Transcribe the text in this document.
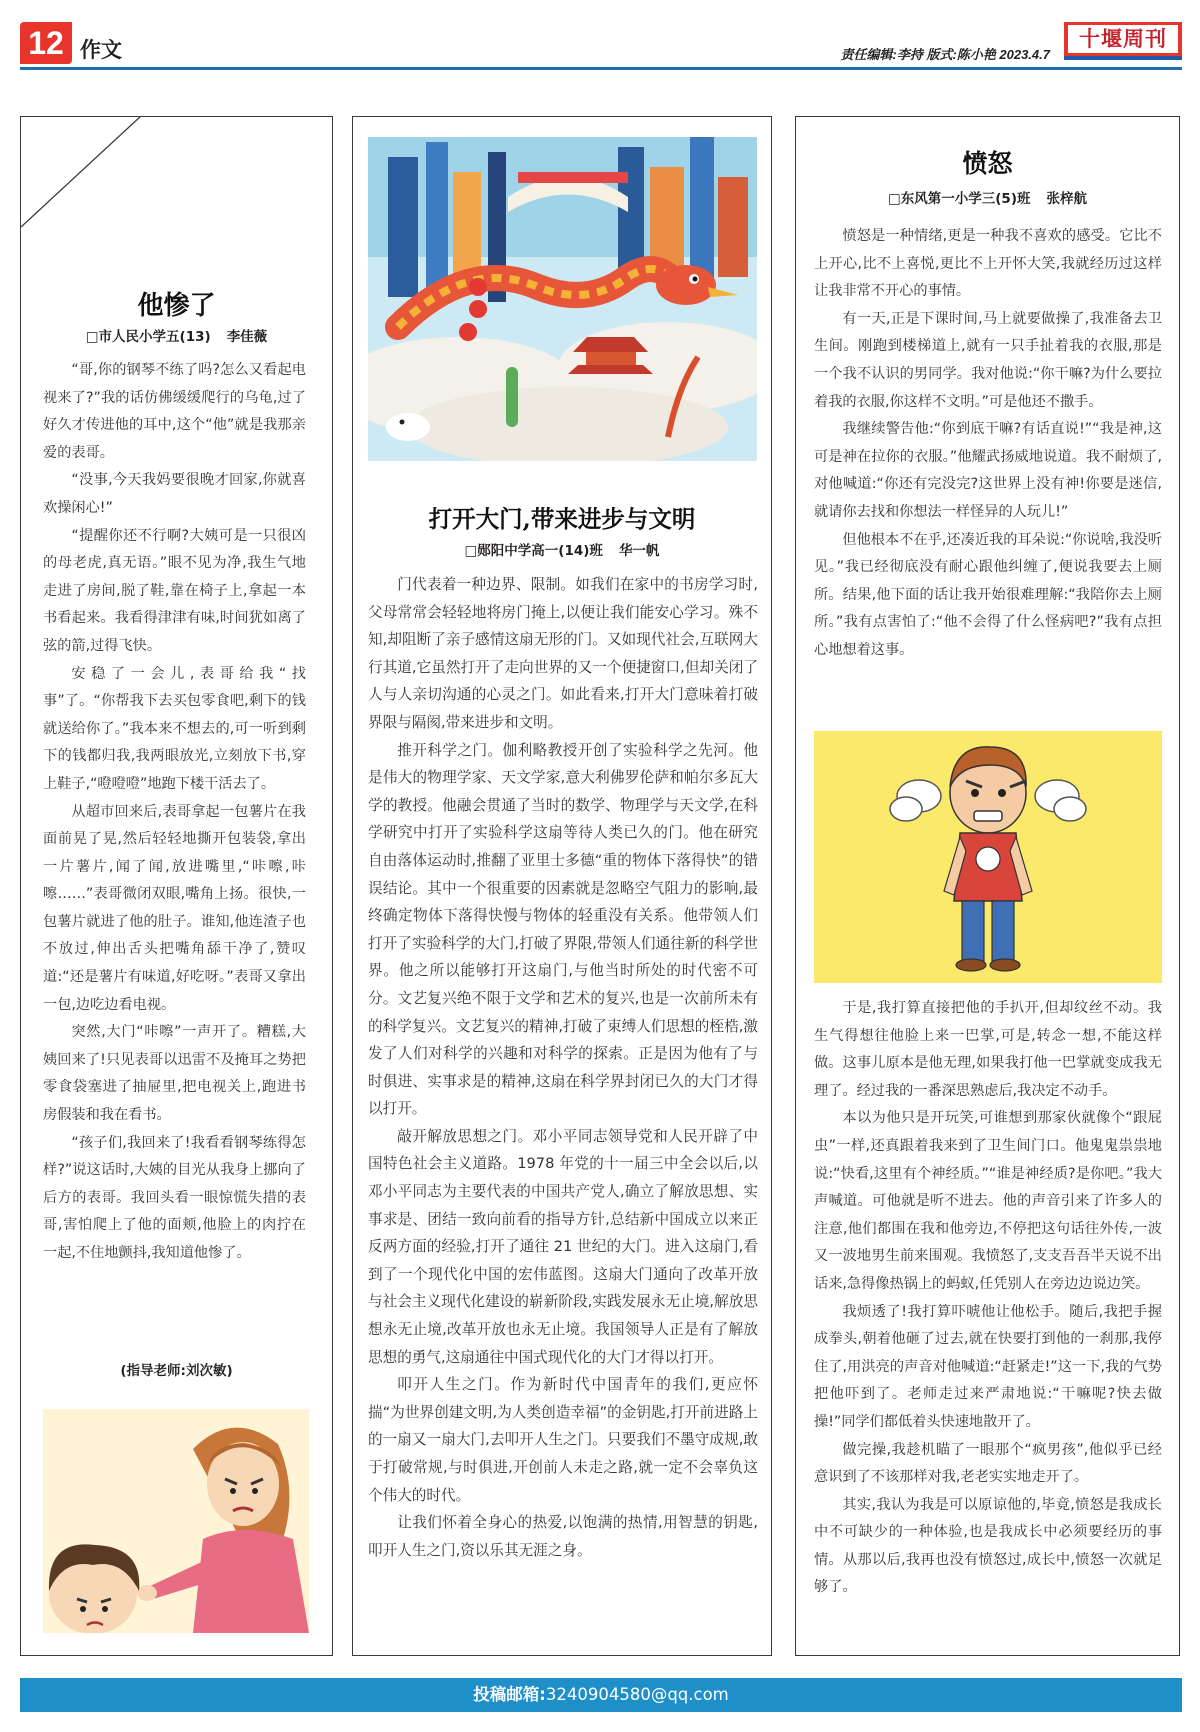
12 作文	责任编辑:李持 版式:陈小艳 2023.4.7
十堰周刊
他惨了
□市人民小学五(13) 李佳薇

“哥,你的钢琴不练了吗?怎么又看起电视来了?”我的话仿佛缓缓爬行的乌龟,过了好久才传进他的耳中,这个“他”就是我那亲爱的表哥。

“没事,今天我妈要很晚才回家,你就喜欢操闲心!”

“提醒你还不行啊?大姨可是一只很凶的母老虎,真无语。”眼不见为净,我生气地走进了房间,脱了鞋,靠在椅子上,拿起一本书看起来。我看得津津有味,时间犹如离了弦的箭,过得飞快。

安稳了一会儿,表哥给我“找事”了。“你帮我下去买包零食吧,剩下的钱就送给你了。”我本来不想去的,可一听到剩下的钱都归我,我两眼放光,立刻放下书,穿上鞋子,“噔噔噔”地跑下楼干活去了。

从超市回来后,表哥拿起一包薯片在我面前晃了晃,然后轻轻地撕开包装袋,拿出一片薯片,闻了闻,放进嘴里,“咔嚓,咔嚓……”表哥微闭双眼,嘴角上扬。很快,一包薯片就进了他的肚子。谁知,他连渣子也不放过,伸出舌头把嘴角舔干净了,赞叹道:“还是薯片有味道,好吃呀。”表哥又拿出一包,边吃边看电视。

突然,大门“咔嚓”一声开了。糟糕,大姨回来了!只见表哥以迅雷不及掩耳之势把零食袋塞进了抽屉里,把电视关上,跑进书房假装和我在看书。

“孩子们,我回来了!我看看钢琴练得怎样?”说这话时,大姨的目光从我身上挪向了后方的表哥。我回头看一眼惊慌失措的表哥,害怕爬上了他的面颊,他脸上的肉拧在一起,不住地颤抖,我知道他惨了。

(指导老师:刘次敏)
打开大门,带来进步与文明
□郧阳中学高一(14)班 华一帆

门代表着一种边界、限制。如我们在家中的书房学习时,父母常常会轻轻地将房门掩上,以便让我们能安心学习。殊不知,却阻断了亲子感情这扇无形的门。又如现代社会,互联网大行其道,它虽然打开了走向世界的又一个便捷窗口,但却关闭了人与人亲切沟通的心灵之门。如此看来,打开大门意味着打破界限与隔阂,带来进步和文明。

推开科学之门。伽利略教授开创了实验科学之先河。他是伟大的物理学家、天文学家,意大利佛罗伦萨和帕尔多瓦大学的教授。他融会贯通了当时的数学、物理学与天文学,在科学研究中打开了实验科学这扇等待人类已久的门。他在研究自由落体运动时,推翻了亚里士多德“重的物体下落得快”的错误结论。其中一个很重要的因素就是忽略空气阻力的影响,最终确定物体下落得快慢与物体的轻重没有关系。他带领人们打开了实验科学的大门,打破了界限,带领人们通往新的科学世界。他之所以能够打开这扇门,与他当时所处的时代密不可分。文艺复兴绝不限于文学和艺术的复兴,也是一次前所未有的科学复兴。文艺复兴的精神,打破了束缚人们思想的桎梏,激发了人们对科学的兴趣和对科学的探索。正是因为他有了与时俱进、实事求是的精神,这扇在科学界封闭已久的大门才得以打开。

敲开解放思想之门。邓小平同志领导党和人民开辟了中国特色社会主义道路。1978 年党的十一届三中全会以后,以邓小平同志为主要代表的中国共产党人,确立了解放思想、实事求是、团结一致向前看的指导方针,总结新中国成立以来正反两方面的经验,打开了通往 21 世纪的大门。进入这扇门,看到了一个现代化中国的宏伟蓝图。这扇大门通向了改革开放与社会主义现代化建设的崭新阶段,实践发展永无止境,解放思想永无止境,改革开放也永无止境。我国领导人正是有了解放思想的勇气,这扇通往中国式现代化的大门才得以打开。

叩开人生之门。作为新时代中国青年的我们,更应怀揣“为世界创建文明,为人类创造幸福”的金钥匙,打开前进路上的一扇又一扇大门,去叩开人生之门。只要我们不墨守成规,敢于打破常规,与时俱进,开创前人未走之路,就一定不会辜负这个伟大的时代。

让我们怀着全身心的热爱,以饱满的热情,用智慧的钥匙,叩开人生之门,资以乐其无涯之身。

愤怒
□东风第一小学三(5)班 张梓航

愤怒是一种情绪,更是一种我不喜欢的感受。它比不上开心,比不上喜悦,更比不上开怀大笑,我就经历过这样让我非常不开心的事情。

有一天,正是下课时间,马上就要做操了,我准备去卫生间。刚跑到楼梯道上,就有一只手扯着我的衣服,那是一个我不认识的男同学。我对他说:“你干嘛?为什么要拉着我的衣服,你这样不文明。”可是他还不撒手。

我继续警告他:“你到底干嘛?有话直说!”“我是神,这可是神在拉你的衣服。”他耀武扬威地说道。我不耐烦了,对他喊道:“你还有完没完?这世界上没有神!你要是迷信,就请你去找和你想法一样怪异的人玩儿!”

但他根本不在乎,还凑近我的耳朵说:“你说啥,我没听见。”我已经彻底没有耐心跟他纠缠了,便说我要去上厕所。结果,他下面的话让我开始很难理解:“我陪你去上厕所。”我有点害怕了:“他不会得了什么怪病吧?”我有点担心地想着这事。

于是,我打算直接把他的手扒开,但却纹丝不动。我生气得想往他脸上来一巴掌,可是,转念一想,不能这样做。这事儿原本是他无理,如果我打他一巴掌就变成我无理了。经过我的一番深思熟虑后,我决定不动手。

本以为他只是开玩笑,可谁想到那家伙就像个“跟屁虫”一样,还真跟着我来到了卫生间门口。他鬼鬼祟祟地说:“快看,这里有个神经质。”“谁是神经质?是你吧。”我大声喊道。可他就是听不进去。他的声音引来了许多人的注意,他们都围在我和他旁边,不停把这句话往外传,一波又一波地男生前来围观。我愤怒了,支支吾吾半天说不出话来,急得像热锅上的蚂蚁,任凭别人在旁边边说边笑。

我烦透了!我打算吓唬他让他松手。随后,我把手握成拳头,朝着他砸了过去,就在快要打到他的一刹那,我停住了,用洪亮的声音对他喊道:“赶紧走!”这一下,我的气势把他吓到了。老师走过来严肃地说:“干嘛呢?快去做操!”同学们都低着头快速地散开了。

做完操,我趁机瞄了一眼那个“疯男孩”,他似乎已经意识到了不该那样对我,老老实实地走开了。

其实,我认为我是可以原谅他的,毕竟,愤怒是我成长中不可缺少的一种体验,也是我成长中必须要经历的事情。从那以后,我再也没有愤怒过,成长中,愤怒一次就足够了。

投稿邮箱:3240904580@qq.com
